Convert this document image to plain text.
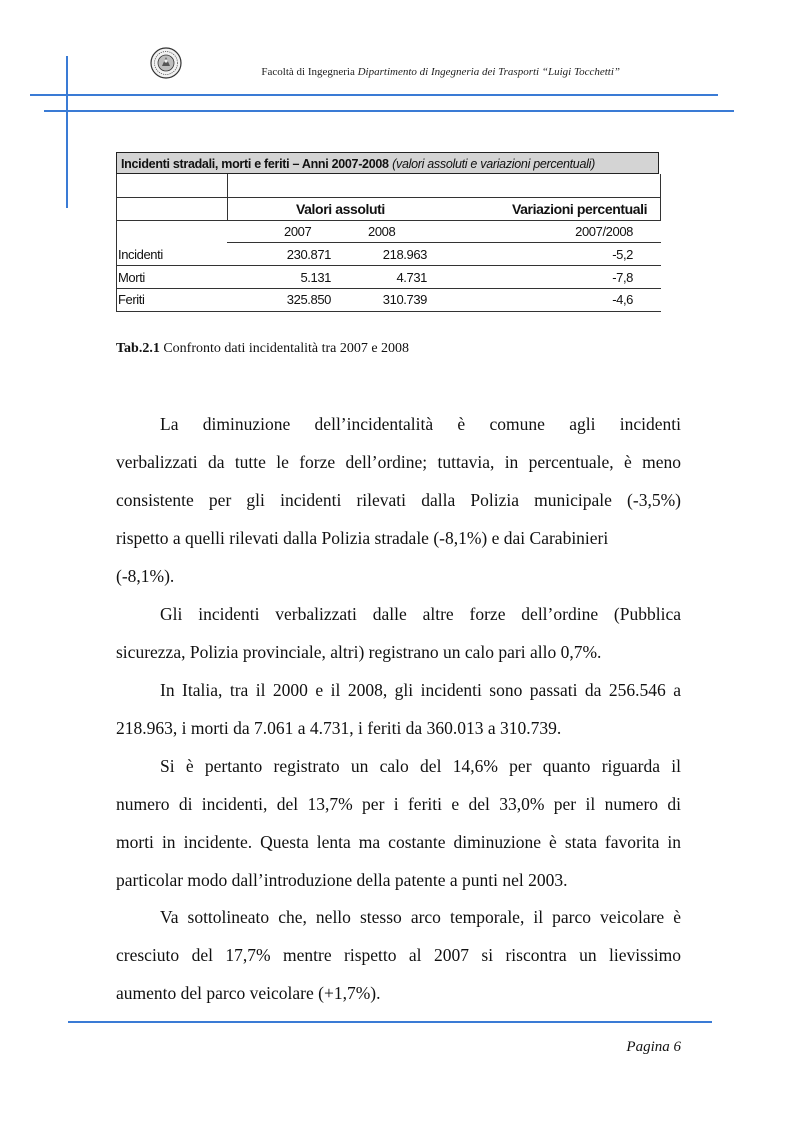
Facoltà di Ingegneria Dipartimento di Ingegneria dei Trasporti “Luigi Tocchetti”
Incidenti stradali, morti e feriti – Anni 2007-2008 (valori assoluti e variazioni percentuali)
Valori assoluti	Variazioni percentuali
2007	2008	2007/2008
Incidenti	230.871	218.963	-5,2
Morti	5.131	4.731	-7,8
Feriti	325.850	310.739	-4,6
Tab.2.1 Confronto dati incidentalità tra 2007 e 2008
La diminuzione dell’incidentalità è comune agli incidenti
verbalizzati da tutte le forze dell’ordine; tuttavia, in percentuale, è meno
consistente per gli incidenti rilevati dalla Polizia municipale (-3,5%)
rispetto a quelli rilevati dalla Polizia stradale (-8,1%) e dai Carabinieri
(-8,1%).
Gli incidenti verbalizzati dalle altre forze dell’ordine (Pubblica
sicurezza, Polizia provinciale, altri) registrano un calo pari allo 0,7%.
In Italia, tra il 2000 e il 2008, gli incidenti sono passati da 256.546 a
218.963, i morti da 7.061 a 4.731, i feriti da 360.013 a 310.739.
Si è pertanto registrato un calo del 14,6% per quanto riguarda il
numero di incidenti, del 13,7% per i feriti e del 33,0% per il numero di
morti in incidente. Questa lenta ma costante diminuzione è stata favorita in
particolar modo dall’introduzione della patente a punti nel 2003.
Va sottolineato che, nello stesso arco temporale, il parco veicolare è
cresciuto del 17,7% mentre rispetto al 2007 si riscontra un lievissimo
aumento del parco veicolare (+1,7%).
Pagina 6
